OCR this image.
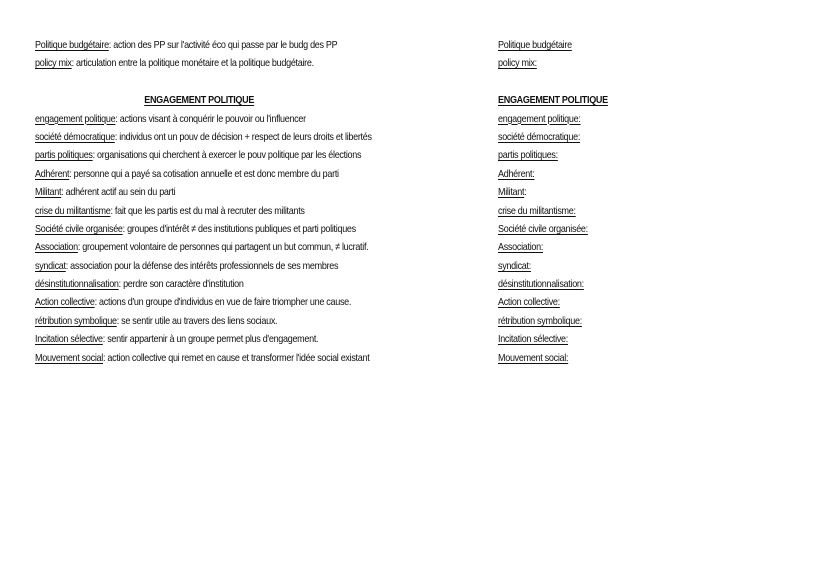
Politique budgétaire: action des PP sur l'activité éco qui passe par le budg des PP
policy mix: articulation entre la politique monétaire et la politique budgétaire.
ENGAGEMENT POLITIQUE
engagement politique: actions visant à conquérir le pouvoir ou l'influencer
société démocratique: individus ont un pouv de décision + respect de leurs droits et libertés
partis politiques: organisations qui cherchent à exercer le pouv politique par les élections
Adhérent: personne qui a payé sa cotisation annuelle et est donc membre du parti
Militant: adhérent actif au sein du parti
crise du militantisme: fait que les partis est du mal à recruter des militants
Société civile organisée: groupes d'intérêt ≠ des institutions publiques et parti politiques
Association: groupement volontaire de personnes qui partagent un but commun, ≠ lucratif.
syndicat: association pour la défense des intérêts professionnels de ses membres
désinstitutionnalisation: perdre son caractère d'institution
Action collective: actions d'un groupe d'individus en vue de faire triompher une cause.
rétribution symbolique: se sentir utile au travers des liens sociaux.
Incitation sélective: sentir appartenir à un groupe permet plus d'engagement.
Mouvement social: action collective qui remet en cause et transformer l'idée social existant
Politique budgétaire
policy mix:
ENGAGEMENT POLITIQUE
engagement politique:
société démocratique:
partis politiques:
Adhérent:
Militant:
crise du militantisme:
Société civile organisée:
Association:
syndicat:
désinstitutionnalisation:
Action collective:
rétribution symbolique:
Incitation sélective:
Mouvement social:
